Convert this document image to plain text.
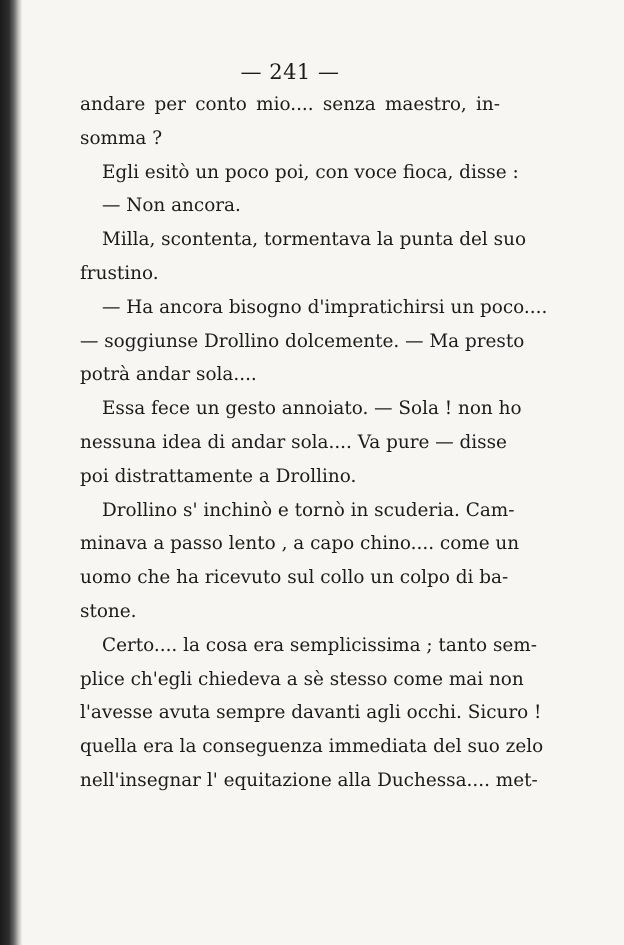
— 241 —
andare per conto mio.... senza maestro, in-
somma ?
Egli esitò un poco poi, con voce fioca, disse :
— Non ancora.
Milla, scontenta, tormentava la punta del suo
frustino.
— Ha ancora bisogno d'impratichirsi un poco....
— soggiunse Drollino dolcemente. — Ma presto
potrà andar sola....
Essa fece un gesto annoiato. — Sola ! non ho
nessuna idea di andar sola.... Va pure — disse
poi distrattamente a Drollino.
Drollino s' inchinò e tornò in scuderia. Cam-
minava a passo lento , a capo chino.... come un
uomo che ha ricevuto sul collo un colpo di ba-
stone.
Certo.... la cosa era semplicissima ; tanto sem-
plice ch'egli chiedeva a sè stesso come mai non
l'avesse avuta sempre davanti agli occhi. Sicuro !
quella era la conseguenza immediata del suo zelo
nell'insegnar l' equitazione alla Duchessa.... met-
